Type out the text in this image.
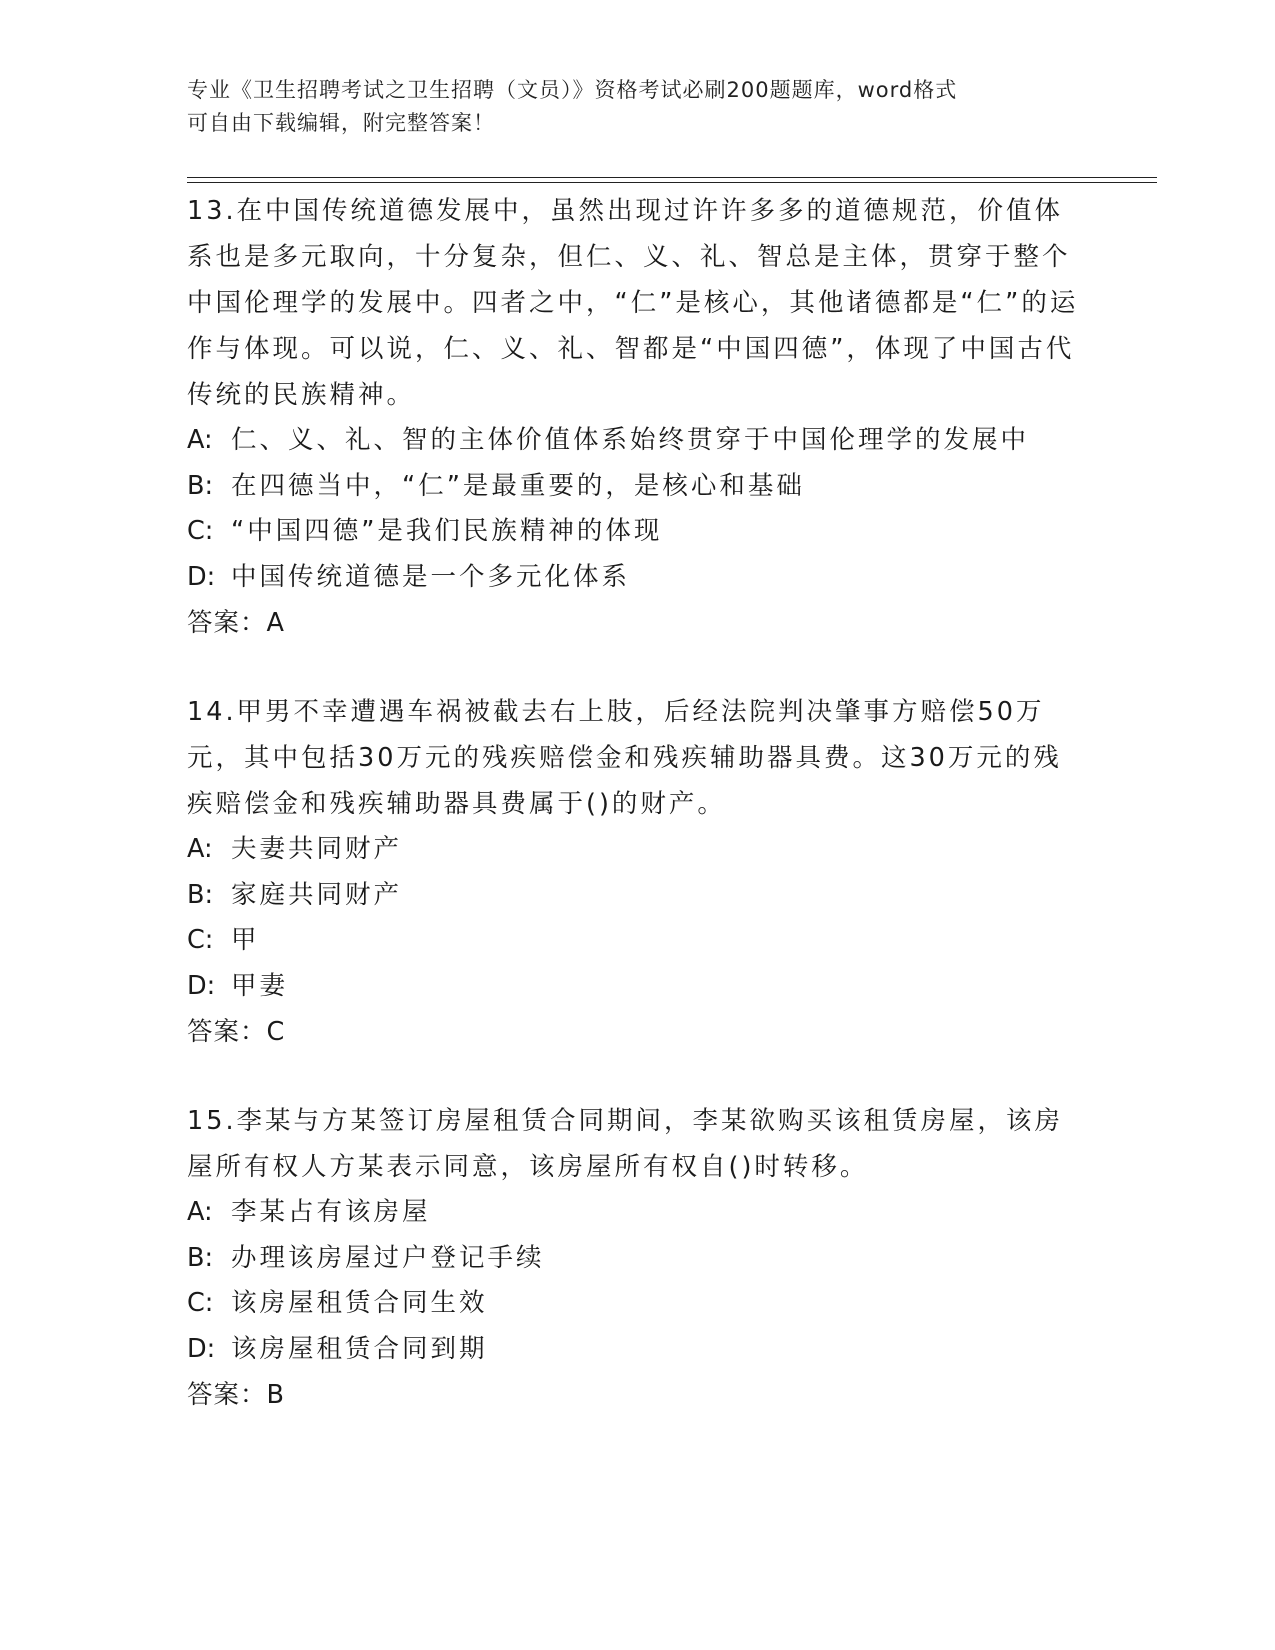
专业《卫生招聘考试之卫生招聘（文员）》资格考试必刷200题题库，word格式
可自由下载编辑，附完整答案！

13.在中国传统道德发展中，虽然出现过许许多多的道德规范，价值体系也是多元取向，十分复杂，但仁、义、礼、智总是主体，贯穿于整个中国伦理学的发展中。四者之中，“仁”是核心，其他诸德都是“仁”的运作与体现。可以说，仁、义、礼、智都是“中国四德”，体现了中国古代传统的民族精神。

A: 仁、义、礼、智的主体价值体系始终贯穿于中国伦理学的发展中

B: 在四德当中，“仁”是最重要的，是核心和基础

C: “中国四德”是我们民族精神的体现

D: 中国传统道德是一个多元化体系

答案：A

14.甲男不幸遭遇车祸被截去右上肢，后经法院判决肇事方赔偿50万元，其中包括30万元的残疾赔偿金和残疾辅助器具费。这30万元的残疾赔偿金和残疾辅助器具费属于()的财产。

A: 夫妻共同财产

B: 家庭共同财产

C: 甲

D: 甲妻

答案：C

15.李某与方某签订房屋租赁合同期间，李某欲购买该租赁房屋，该房屋所有权人方某表示同意，该房屋所有权自()时转移。

A: 李某占有该房屋

B: 办理该房屋过户登记手续

C: 该房屋租赁合同生效

D: 该房屋租赁合同到期

答案：B
